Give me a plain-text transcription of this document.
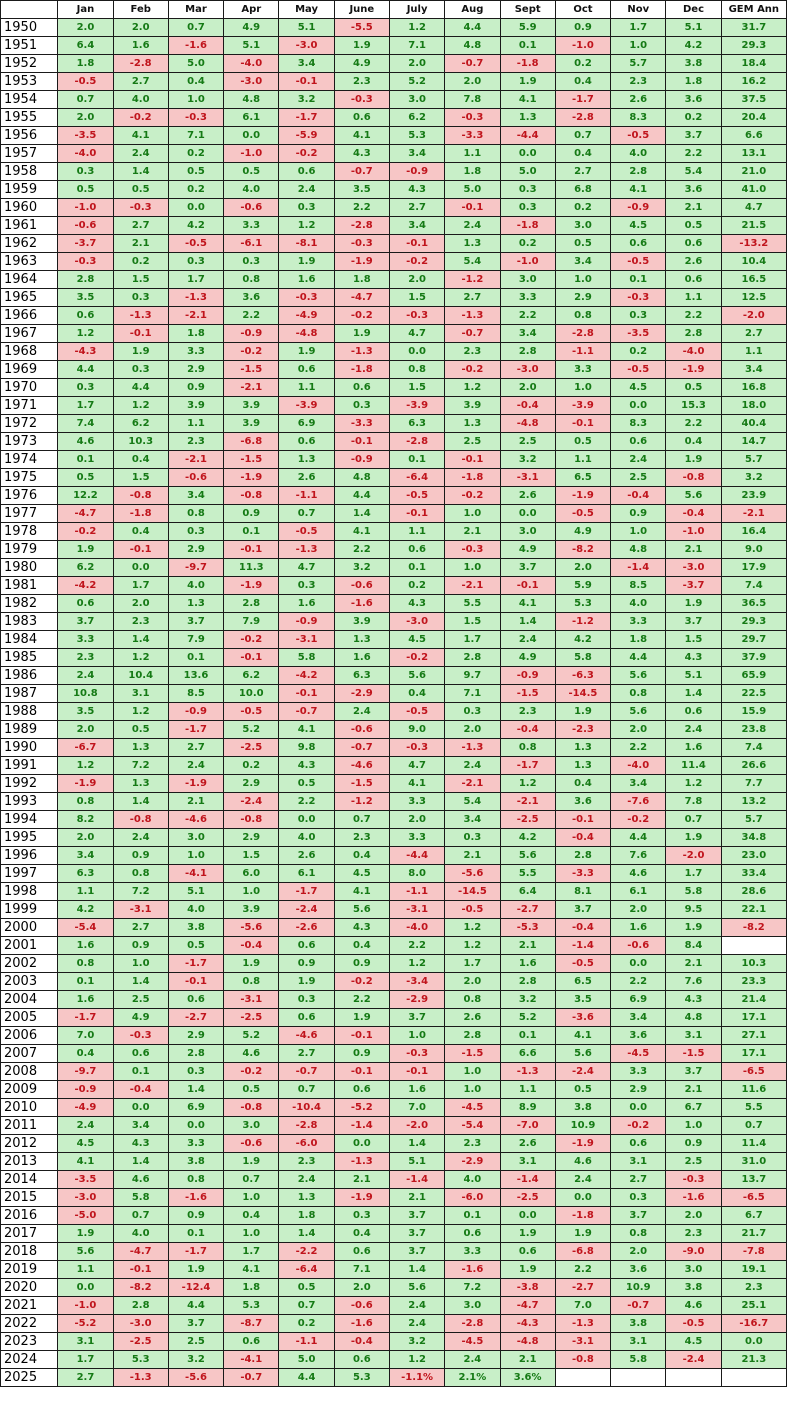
	Jan	Feb	Mar	Apr	May	June	July	Aug	Sept	Oct	Nov	Dec	GEM Ann
1950	2.0	2.0	0.7	4.9	5.1	-5.5	1.2	4.4	5.9	0.9	1.7	5.1	31.7
1951	6.4	1.6	-1.6	5.1	-3.0	1.9	7.1	4.8	0.1	-1.0	1.0	4.2	29.3
1952	1.8	-2.8	5.0	-4.0	3.4	4.9	2.0	-0.7	-1.8	0.2	5.7	3.8	18.4
1953	-0.5	2.7	0.4	-3.0	-0.1	2.3	5.2	2.0	1.9	0.4	2.3	1.8	16.2
1954	0.7	4.0	1.0	4.8	3.2	-0.3	3.0	7.8	4.1	-1.7	2.6	3.6	37.5
1955	2.0	-0.2	-0.3	6.1	-1.7	0.6	6.2	-0.3	1.3	-2.8	8.3	0.2	20.4
1956	-3.5	4.1	7.1	0.0	-5.9	4.1	5.3	-3.3	-4.4	0.7	-0.5	3.7	6.6
1957	-4.0	2.4	0.2	-1.0	-0.2	4.3	3.4	1.1	0.0	0.4	4.0	2.2	13.1
1958	0.3	1.4	0.5	0.5	0.6	-0.7	-0.9	1.8	5.0	2.7	2.8	5.4	21.0
1959	0.5	0.5	0.2	4.0	2.4	3.5	4.3	5.0	0.3	6.8	4.1	3.6	41.0
1960	-1.0	-0.3	0.0	-0.6	0.3	2.2	2.7	-0.1	0.3	0.2	-0.9	2.1	4.7
1961	-0.6	2.7	4.2	3.3	1.2	-2.8	3.4	2.4	-1.8	3.0	4.5	0.5	21.5
1962	-3.7	2.1	-0.5	-6.1	-8.1	-0.3	-0.1	1.3	0.2	0.5	0.6	0.6	-13.2
1963	-0.3	0.2	0.3	0.3	1.9	-1.9	-0.2	5.4	-1.0	3.4	-0.5	2.6	10.4
1964	2.8	1.5	1.7	0.8	1.6	1.8	2.0	-1.2	3.0	1.0	0.1	0.6	16.5
1965	3.5	0.3	-1.3	3.6	-0.3	-4.7	1.5	2.7	3.3	2.9	-0.3	1.1	12.5
1966	0.6	-1.3	-2.1	2.2	-4.9	-0.2	-0.3	-1.3	2.2	0.8	0.3	2.2	-2.0
1967	1.2	-0.1	1.8	-0.9	-4.8	1.9	4.7	-0.7	3.4	-2.8	-3.5	2.8	2.7
1968	-4.3	1.9	3.3	-0.2	1.9	-1.3	0.0	2.3	2.8	-1.1	0.2	-4.0	1.1
1969	4.4	0.3	2.9	-1.5	0.6	-1.8	0.8	-0.2	-3.0	3.3	-0.5	-1.9	3.4
1970	0.3	4.4	0.9	-2.1	1.1	0.6	1.5	1.2	2.0	1.0	4.5	0.5	16.8
1971	1.7	1.2	3.9	3.9	-3.9	0.3	-3.9	3.9	-0.4	-3.9	0.0	15.3	18.0
1972	7.4	6.2	1.1	3.9	6.9	-3.3	6.3	1.3	-4.8	-0.1	8.3	2.2	40.4
1973	4.6	10.3	2.3	-6.8	0.6	-0.1	-2.8	2.5	2.5	0.5	0.6	0.4	14.7
1974	0.1	0.4	-2.1	-1.5	1.3	-0.9	0.1	-0.1	3.2	1.1	2.4	1.9	5.7
1975	0.5	1.5	-0.6	-1.9	2.6	4.8	-6.4	-1.8	-3.1	6.5	2.5	-0.8	3.2
1976	12.2	-0.8	3.4	-0.8	-1.1	4.4	-0.5	-0.2	2.6	-1.9	-0.4	5.6	23.9
1977	-4.7	-1.8	0.8	0.9	0.7	1.4	-0.1	1.0	0.0	-0.5	0.9	-0.4	-2.1
1978	-0.2	0.4	0.3	0.1	-0.5	4.1	1.1	2.1	3.0	4.9	1.0	-1.0	16.4
1979	1.9	-0.1	2.9	-0.1	-1.3	2.2	0.6	-0.3	4.9	-8.2	4.8	2.1	9.0
1980	6.2	0.0	-9.7	11.3	4.7	3.2	0.1	1.0	3.7	2.0	-1.4	-3.0	17.9
1981	-4.2	1.7	4.0	-1.9	0.3	-0.6	0.2	-2.1	-0.1	5.9	8.5	-3.7	7.4
1982	0.6	2.0	1.3	2.8	1.6	-1.6	4.3	5.5	4.1	5.3	4.0	1.9	36.5
1983	3.7	2.3	3.7	7.9	-0.9	3.9	-3.0	1.5	1.4	-1.2	3.3	3.7	29.3
1984	3.3	1.4	7.9	-0.2	-3.1	1.3	4.5	1.7	2.4	4.2	1.8	1.5	29.7
1985	2.3	1.2	0.1	-0.1	5.8	1.6	-0.2	2.8	4.9	5.8	4.4	4.3	37.9
1986	2.4	10.4	13.6	6.2	-4.2	6.3	5.6	9.7	-0.9	-6.3	5.6	5.1	65.9
1987	10.8	3.1	8.5	10.0	-0.1	-2.9	0.4	7.1	-1.5	-14.5	0.8	1.4	22.5
1988	3.5	1.2	-0.9	-0.5	-0.7	2.4	-0.5	0.3	2.3	1.9	5.6	0.6	15.9
1989	2.0	0.5	-1.7	5.2	4.1	-0.6	9.0	2.0	-0.4	-2.3	2.0	2.4	23.8
1990	-6.7	1.3	2.7	-2.5	9.8	-0.7	-0.3	-1.3	0.8	1.3	2.2	1.6	7.4
1991	1.2	7.2	2.4	0.2	4.3	-4.6	4.7	2.4	-1.7	1.3	-4.0	11.4	26.6
1992	-1.9	1.3	-1.9	2.9	0.5	-1.5	4.1	-2.1	1.2	0.4	3.4	1.2	7.7
1993	0.8	1.4	2.1	-2.4	2.2	-1.2	3.3	5.4	-2.1	3.6	-7.6	7.8	13.2
1994	8.2	-0.8	-4.6	-0.8	0.0	0.7	2.0	3.4	-2.5	-0.1	-0.2	0.7	5.7
1995	2.0	2.4	3.0	2.9	4.0	2.3	3.3	0.3	4.2	-0.4	4.4	1.9	34.8
1996	3.4	0.9	1.0	1.5	2.6	0.4	-4.4	2.1	5.6	2.8	7.6	-2.0	23.0
1997	6.3	0.8	-4.1	6.0	6.1	4.5	8.0	-5.6	5.5	-3.3	4.6	1.7	33.4
1998	1.1	7.2	5.1	1.0	-1.7	4.1	-1.1	-14.5	6.4	8.1	6.1	5.8	28.6
1999	4.2	-3.1	4.0	3.9	-2.4	5.6	-3.1	-0.5	-2.7	3.7	2.0	9.5	22.1
2000	-5.4	2.7	3.8	-5.6	-2.6	4.3	-4.0	1.2	-5.3	-0.4	1.6	1.9	-8.2
2001	1.6	0.9	0.5	-0.4	0.6	0.4	2.2	1.2	2.1	-1.4	-0.6	8.4	
2002	0.8	1.0	-1.7	1.9	0.9	0.9	1.2	1.7	1.6	-0.5	0.0	2.1	10.3
2003	0.1	1.4	-0.1	0.8	1.9	-0.2	-3.4	2.0	2.8	6.5	2.2	7.6	23.3
2004	1.6	2.5	0.6	-3.1	0.3	2.2	-2.9	0.8	3.2	3.5	6.9	4.3	21.4
2005	-1.7	4.9	-2.7	-2.5	0.6	1.9	3.7	2.6	5.2	-3.6	3.4	4.8	17.1
2006	7.0	-0.3	2.9	5.2	-4.6	-0.1	1.0	2.8	0.1	4.1	3.6	3.1	27.1
2007	0.4	0.6	2.8	4.6	2.7	0.9	-0.3	-1.5	6.6	5.6	-4.5	-1.5	17.1
2008	-9.7	0.1	0.3	-0.2	-0.7	-0.1	-0.1	1.0	-1.3	-2.4	3.3	3.7	-6.5
2009	-0.9	-0.4	1.4	0.5	0.7	0.6	1.6	1.0	1.1	0.5	2.9	2.1	11.6
2010	-4.9	0.0	6.9	-0.8	-10.4	-5.2	7.0	-4.5	8.9	3.8	0.0	6.7	5.5
2011	2.4	3.4	0.0	3.0	-2.8	-1.4	-2.0	-5.4	-7.0	10.9	-0.2	1.0	0.7
2012	4.5	4.3	3.3	-0.6	-6.0	0.0	1.4	2.3	2.6	-1.9	0.6	0.9	11.4
2013	4.1	1.4	3.8	1.9	2.3	-1.3	5.1	-2.9	3.1	4.6	3.1	2.5	31.0
2014	-3.5	4.6	0.8	0.7	2.4	2.1	-1.4	4.0	-1.4	2.4	2.7	-0.3	13.7
2015	-3.0	5.8	-1.6	1.0	1.3	-1.9	2.1	-6.0	-2.5	0.0	0.3	-1.6	-6.5
2016	-5.0	0.7	0.9	0.4	1.8	0.3	3.7	0.1	0.0	-1.8	3.7	2.0	6.7
2017	1.9	4.0	0.1	1.0	1.4	0.4	3.7	0.6	1.9	1.9	0.8	2.3	21.7
2018	5.6	-4.7	-1.7	1.7	-2.2	0.6	3.7	3.3	0.6	-6.8	2.0	-9.0	-7.8
2019	1.1	-0.1	1.9	4.1	-6.4	7.1	1.4	-1.6	1.9	2.2	3.6	3.0	19.1
2020	0.0	-8.2	-12.4	1.8	0.5	2.0	5.6	7.2	-3.8	-2.7	10.9	3.8	2.3
2021	-1.0	2.8	4.4	5.3	0.7	-0.6	2.4	3.0	-4.7	7.0	-0.7	4.6	25.1
2022	-5.2	-3.0	3.7	-8.7	0.2	-1.6	2.4	-2.8	-4.3	-1.3	3.8	-0.5	-16.7
2023	3.1	-2.5	2.5	0.6	-1.1	-0.4	3.2	-4.5	-4.8	-3.1	3.1	4.5	0.0
2024	1.7	5.3	3.2	-4.1	5.0	0.6	1.2	2.4	2.1	-0.8	5.8	-2.4	21.3
2025	2.7	-1.3	-5.6	-0.7	4.4	5.3	-1.1%	2.1%	3.6%				
